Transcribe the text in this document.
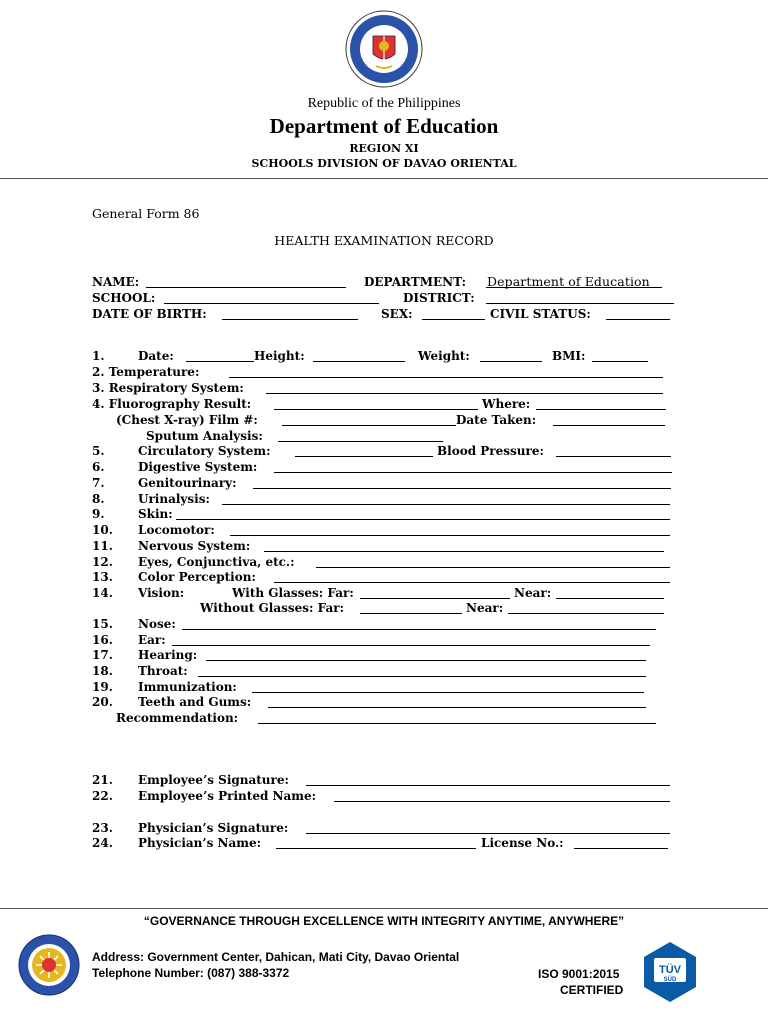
Republic of the Philippines
Department of Education
REGION XI
SCHOOLS DIVISION OF DAVAO ORIENTAL
General Form 86
HEALTH EXAMINATION RECORD
NAME:	DEPARTMENT: Department of Education
SCHOOL:	DISTRICT:
DATE OF BIRTH:	SEX:	CIVIL STATUS:
1.	Date:	Height:	Weight:	BMI:
2. Temperature:
3. Respiratory System:
4. Fluorography Result:	Where:
(Chest X-ray) Film #:	Date Taken:
Sputum Analysis:
5.	Circulatory System:	Blood Pressure:
6.	Digestive System:
7.	Genitourinary:
8.	Urinalysis:
9.	Skin:
10. Locomotor:
11. Nervous System:
12. Eyes, Conjunctiva, etc.:
13. Color Perception:
14. Vision:	With Glasses: Far:	Near:
Without Glasses: Far:	Near:
15. Nose:
16. Ear:
17. Hearing:
18. Throat:
19. Immunization:
20. Teeth and Gums:
Recommendation:
21. Employee’s Signature:
22. Employee’s Printed Name:
23. Physician’s Signature:
24. Physician’s Name:	License No.:
“GOVERNANCE THROUGH EXCELLENCE WITH INTEGRITY ANYTIME, ANYWHERE”
Address: Government Center, Dahican, Mati City, Davao Oriental
Telephone Number: (087) 388-3372	ISO 9001:2015
CERTIFIED
TÜV
SÜD
